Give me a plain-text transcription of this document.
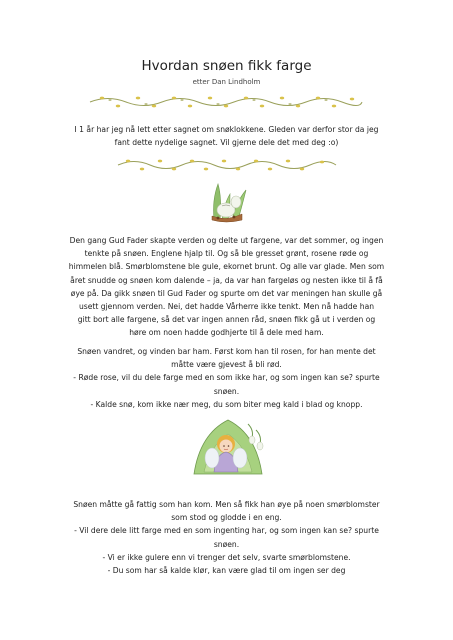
Hvordan snøen fikk farge
etter Dan Lindholm

I 1 år har jeg nå lett etter sagnet om snøklokkene. Gleden var derfor stor da jeg
fant dette nydelige sagnet. Vil gjerne dele det med deg :o)

Den gang Gud Fader skapte verden og delte ut fargene, var det sommer, og ingen
tenkte på snøen. Englene hjalp til. Og så ble gresset grønt, rosene røde og
himmelen blå. Smørblomstene ble gule, ekornet brunt. Og alle var glade. Men som
året snudde og snøen kom dalende – ja, da var han fargeløs og nesten ikke til å få
øye på. Da gikk snøen til Gud Fader og spurte om det var meningen han skulle gå
usett gjennom verden. Nei, det hadde Vårherre ikke tenkt. Men nå hadde han
gitt bort alle fargene, så det var ingen annen råd, snøen fikk gå ut i verden og
høre om noen hadde godhjerte til å dele med ham.

Snøen vandret, og vinden bar ham. Først kom han til rosen, for han mente det
måtte være gjevest å bli rød.
- Røde rose, vil du dele farge med en som ikke har, og som ingen kan se? spurte
snøen.
- Kalde snø, kom ikke nær meg, du som biter meg kald i blad og knopp.

Snøen måtte gå fattig som han kom. Men så fikk han øye på noen smørblomster
som stod og glodde i en eng.
- Vil dere dele litt farge med en som ingenting har, og som ingen kan se? spurte
snøen.
- Vi er ikke gulere enn vi trenger det selv, svarte smørblomstene.
- Du som har så kalde klør, kan være glad til om ingen ser deg
